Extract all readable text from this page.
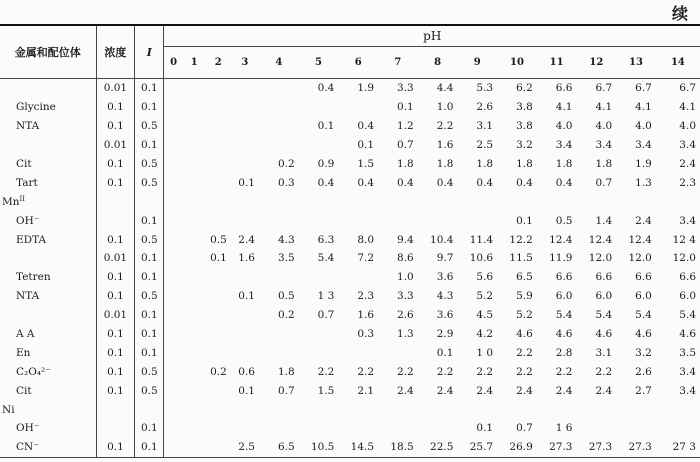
续
金属和配位体	浓度	I	pH														
			0	1	2	3	4	5	6	7	8	9	10	11	12	13	14
	0.01	0.1						0.4	1.9	3.3	4.4	5.3	6.2	6.6	6.7	6.7	6.7
Glycine	0.1	0.1								0.1	1.0	2.6	3.8	4.1	4.1	4.1	4.1
NTA	0.1	0.5						0.1	0.4	1.2	2.2	3.1	3.8	4.0	4.0	4.0	4.0
	0.01	0.1							0.1	0.7	1.6	2.5	3.2	3.4	3.4	3.4	3.4
Cit	0.1	0.5					0.2	0.9	1.5	1.8	1.8	1.8	1.8	1.8	1.8	1.9	2.4
Tart	0.1	0.5				0.1	0.3	0.4	0.4	0.4	0.4	0.4	0.4	0.4	0.7	1.3	2.3
$Mn^{II}$																	
OH⁻		0.1											0.1	0.5	1.4	2.4	3.4
EDTA	0.1	0.5			0.5	2.4	4.3	6.3	8.0	9.4	10.4	11.4	12.2	12.4	12.4	12.4	12 4
	0.01	0.1			0.1	1.6	3.5	5.4	7.2	8.6	9.7	10.6	11.5	11.9	12.0	12.0	12.0
Tetren	0.1	0.1								1.0	3.6	5.6	6.5	6.6	6.6	6.6	6.6
NTA	0.1	0.5				0.1	0.5	1 3	2.3	3.3	4.3	5.2	5.9	6.0	6.0	6.0	6.0
	0.01	0.1					0.2	0.7	1.6	2.6	3.6	4.5	5.2	5.4	5.4	5.4	5.4
A A	0.1	0.1							0.3	1.3	2.9	4.2	4.6	4.6	4.6	4.6	4.6
En	0.1	0.1									0.1	1 0	2.2	2.8	3.1	3.2	3.5
C₂O₄²⁻	0.1	0.5			0.2	0.6	1.8	2.2	2.2	2.2	2.2	2.2	2.2	2.2	2.2	2.6	3.4
Cit	0.1	0.5				0.1	0.7	1.5	2.1	2.4	2.4	2.4	2.4	2.4	2.4	2.7	3.4
Ni																	
OH⁻		0.1										0.1	0.7	1 6			
CN⁻	0.1	0.1				2.5	6.5	10.5	14.5	18.5	22.5	25.7	26.9	27.3	27.3	27.3	27 3
